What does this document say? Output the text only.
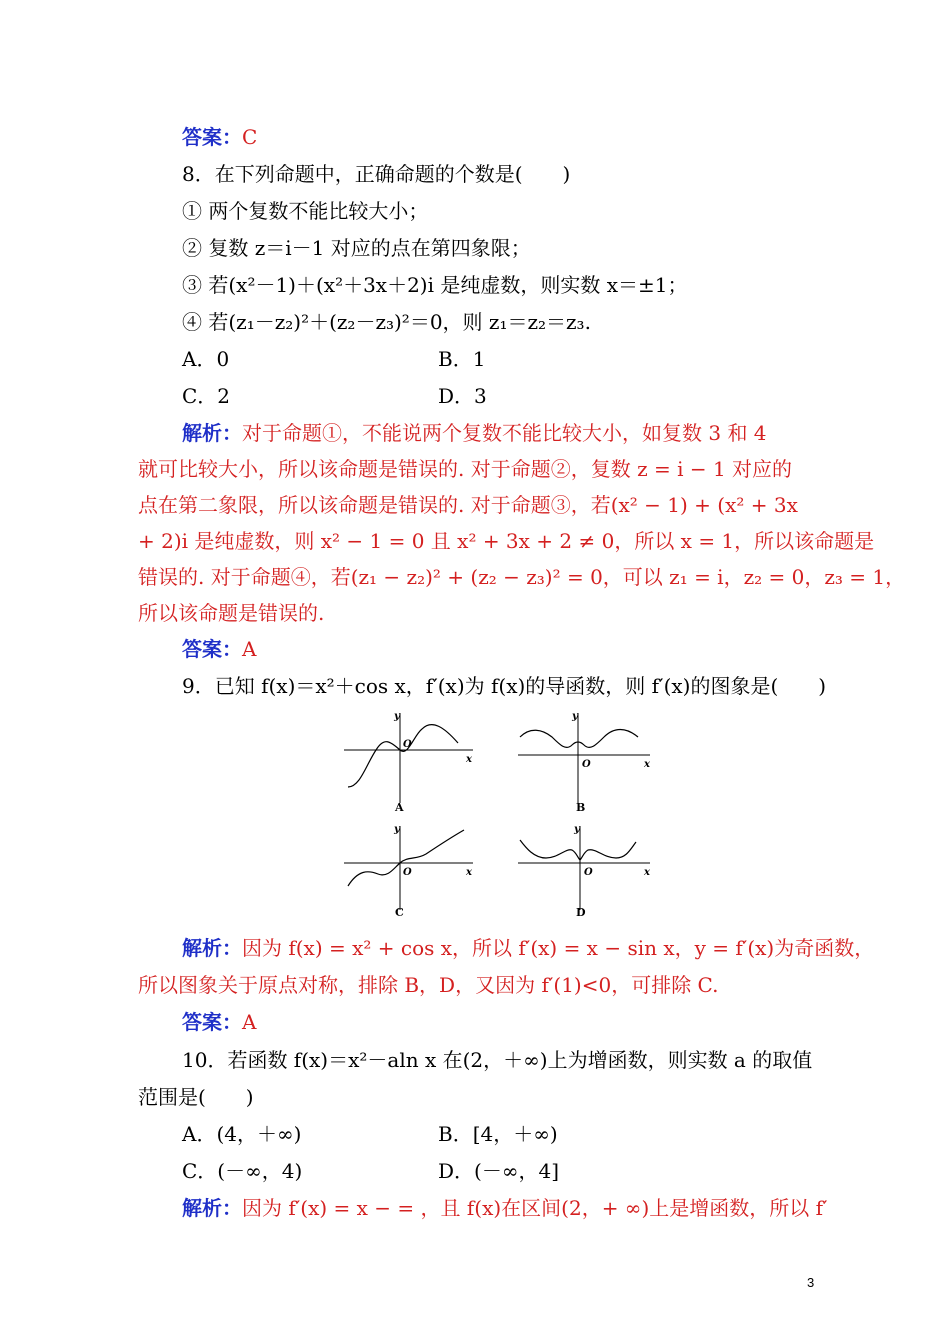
答案：C
8．在下列命题中，正确命题的个数是(　　)
① 两个复数不能比较大小；
② 复数 z＝i－1 对应的点在第四象限；
③ 若(x²－1)＋(x²＋3x＋2)i 是纯虚数，则实数 x＝±1；
④ 若(z₁－z₂)²＋(z₂－z₃)²＝0，则 z₁＝z₂＝z₃.
A．0	B．1
C．2	D．3
解析：对于命题①，不能说两个复数不能比较大小，如复数 3 和 4
就可比较大小，所以该命题是错误的. 对于命题②，复数 z = i − 1 对应的
点在第二象限，所以该命题是错误的. 对于命题③，若(x² − 1) + (x² + 3x
+ 2)i 是纯虚数，则 x² − 1 = 0 且 x² + 3x + 2 ≠ 0，所以 x = 1，所以该命题是
错误的. 对于命题④，若(z₁ − z₂)² + (z₂ − z₃)² = 0，可以 z₁ = i，z₂ = 0，z₃ = 1，
所以该命题是错误的.
答案：A
9．已知 f(x)＝x²＋cos x，f′(x)为 f(x)的导函数，则 f′(x)的图象是(　　)
y
x
O
A
y
x
O
B
y
x
O
C
y
x
O
D
解析：因为 f(x) = x² + cos x，所以 f′(x) = x − sin x，y = f′(x)为奇函数，
所以图象关于原点对称，排除 B，D，又因为 f′(1)<0，可排除 C.
答案：A
10．若函数 f(x)＝x²－aln x 在(2，＋∞)上为增函数，则实数 a 的取值
范围是(　　)
A．(4，＋∞)	B．[4，＋∞)
C．(－∞，4)	D．(－∞，4]
解析：因为 f′(x) = x − = ，且 f(x)在区间(2，+ ∞)上是增函数，所以 f′
3
